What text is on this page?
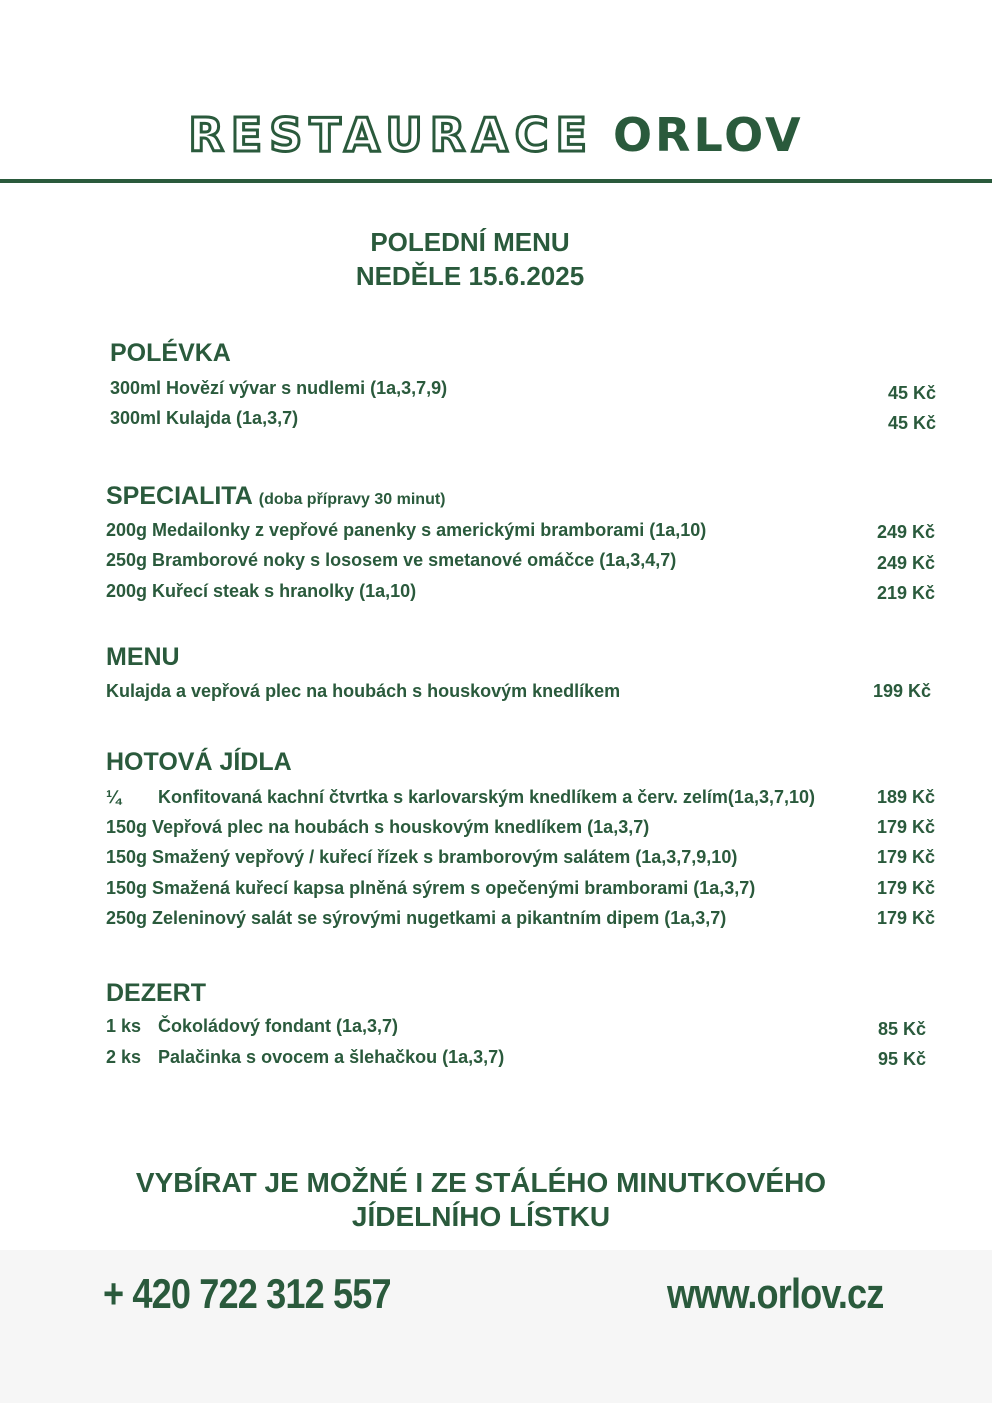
RESTAURACE ORLOV
POLEDNÍ MENU
NEDĚLE 15.6.2025
POLÉVKA
300ml Hovězí vývar s nudlemi (1a,3,7,9)	45 Kč
300ml Kulajda (1a,3,7)	45 Kč
SPECIALITA (doba přípravy 30 minut)
200g Medailonky z vepřové panenky s americkými bramborami (1a,10)	249 Kč
250g Bramborové noky s lososem ve smetanové omáčce (1a,3,4,7)	249 Kč
200g Kuřecí steak s hranolky (1a,10)	219 Kč
MENU
Kulajda a vepřová plec na houbách s houskovým knedlíkem	199 Kč
HOTOVÁ JÍDLA
¼ Konfitovaná kachní čtvrtka s karlovarským knedlíkem a červ. zelím(1a,3,7,10)	189 Kč
150g Vepřová plec na houbách s houskovým knedlíkem (1a,3,7)	179 Kč
150g Smažený vepřový / kuřecí řízek s bramborovým salátem (1a,3,7,9,10)	179 Kč
150g Smažená kuřecí kapsa plněná sýrem s opečenými bramborami (1a,3,7)	179 Kč
250g Zeleninový salát se sýrovými nugetkami a pikantním dipem (1a,3,7)	179 Kč
DEZERT
1 ks Čokoládový fondant (1a,3,7)	85 Kč
2 ks Palačinka s ovocem a šlehačkou (1a,3,7)	95 Kč
VYBÍRAT JE MOŽNÉ I ZE STÁLÉHO MINUTKOVÉHO
JÍDELNÍHO LÍSTKU
+ 420 722 312 557	www.orlov.cz
